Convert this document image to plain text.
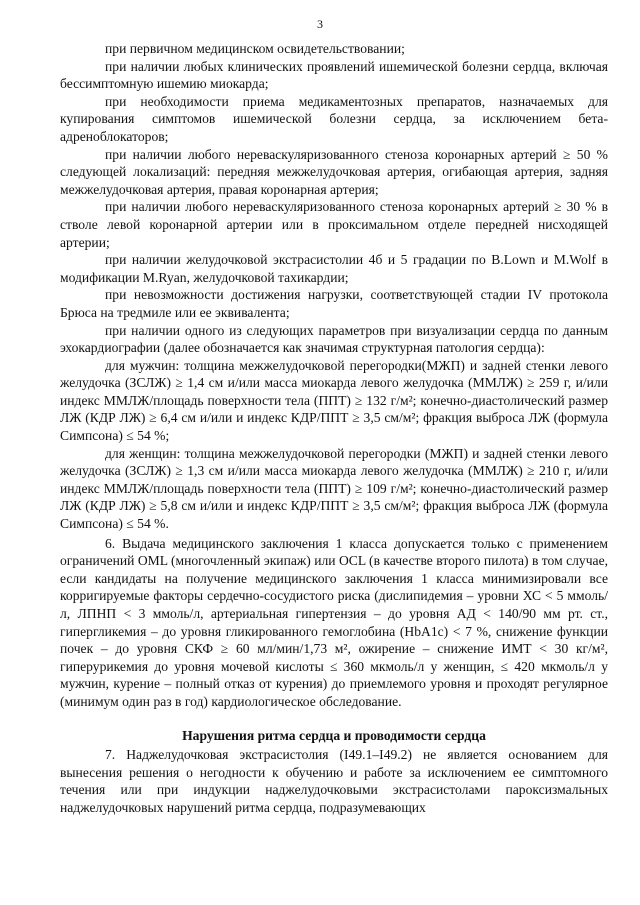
3

при первичном медицинском освидетельствовании;

при наличии любых клинических проявлений ишемической болезни сердца, включая бессимптомную ишемию миокарда;

при необходимости приема медикаментозных препаратов, назначаемых для купирования симптомов ишемической болезни сердца, за исключением бета-адреноблокаторов;

при наличии любого нереваскуляризованного стеноза коронарных артерий ≥ 50 % следующей локализаций: передняя межжелудочковая артерия, огибающая артерия, задняя межжелудочковая артерия, правая коронарная артерия;

при наличии любого нереваскуляризованного стеноза коронарных артерий ≥ 30 % в стволе левой коронарной артерии или в проксимальном отделе передней нисходящей артерии;

при наличии желудочковой экстрасистолии 4б и 5 градации по B.Lown и M.Wolf в модификации M.Ryan, желудочковой тахикардии;

при невозможности достижения нагрузки, соответствующей стадии IV протокола Брюса на тредмиле или ее эквивалента;

при наличии одного из следующих параметров при визуализации сердца по данным эхокардиографии (далее обозначается как значимая структурная патология сердца):

для мужчин: толщина межжелудочковой перегородки(МЖП) и задней стенки левого желудочка (ЗСЛЖ) ≥ 1,4 см и/или масса миокарда левого желудочка (ММЛЖ) ≥ 259 г, и/или индекс ММЛЖ/площадь поверхности тела (ППТ) ≥ 132 г/м²; конечно-диастолический размер ЛЖ (КДР ЛЖ) ≥ 6,4 см и/или и индекс КДР/ППТ ≥ 3,5 см/м²; фракция выброса ЛЖ (формула Симпсона) ≤ 54 %;

для женщин: толщина межжелудочковой перегородки (МЖП) и задней стенки левого желудочка (ЗСЛЖ) ≥ 1,3 см и/или масса миокарда левого желудочка (ММЛЖ) ≥ 210 г, и/или индекс ММЛЖ/площадь поверхности тела (ППТ) ≥ 109 г/м²; конечно-диастолический размер ЛЖ (КДР ЛЖ) ≥ 5,8 см и/или и индекс КДР/ППТ ≥ 3,5 см/м²; фракция выброса ЛЖ (формула Симпсона) ≤ 54 %.

6. Выдача медицинского заключения 1 класса допускается только с применением ограничений OML (многочленный экипаж) или OCL (в качестве второго пилота) в том случае, если кандидаты на получение медицинского заключения 1 класса минимизировали все корригируемые факторы сердечно-сосудистого риска (дислипидемия – уровни ХС < 5 ммоль/л, ЛПНП < 3 ммоль/л, артериальная гипертензия – до уровня АД < 140/90 мм рт. ст., гипергликемия – до уровня гликированного гемоглобина (HbA1c) < 7 %, снижение функции почек – до уровня СКФ ≥ 60 мл/мин/1,73 м², ожирение – снижение ИМТ < 30 кг/м², гиперурикемия до уровня мочевой кислоты ≤ 360 мкмоль/л у женщин, ≤ 420 мкмоль/л у мужчин, курение – полный отказ от курения) до приемлемого уровня и проходят регулярное (минимум один раз в год) кардиологическое обследование.

Нарушения ритма сердца и проводимости сердца

7. Наджелудочковая экстрасистолия (I49.1–I49.2) не является основанием для вынесения решения о негодности к обучению и работе за исключением ее симптомного течения или при индукции наджелудочковыми экстрасистолами пароксизмальных наджелудочковых нарушений ритма сердца, подразумевающих
